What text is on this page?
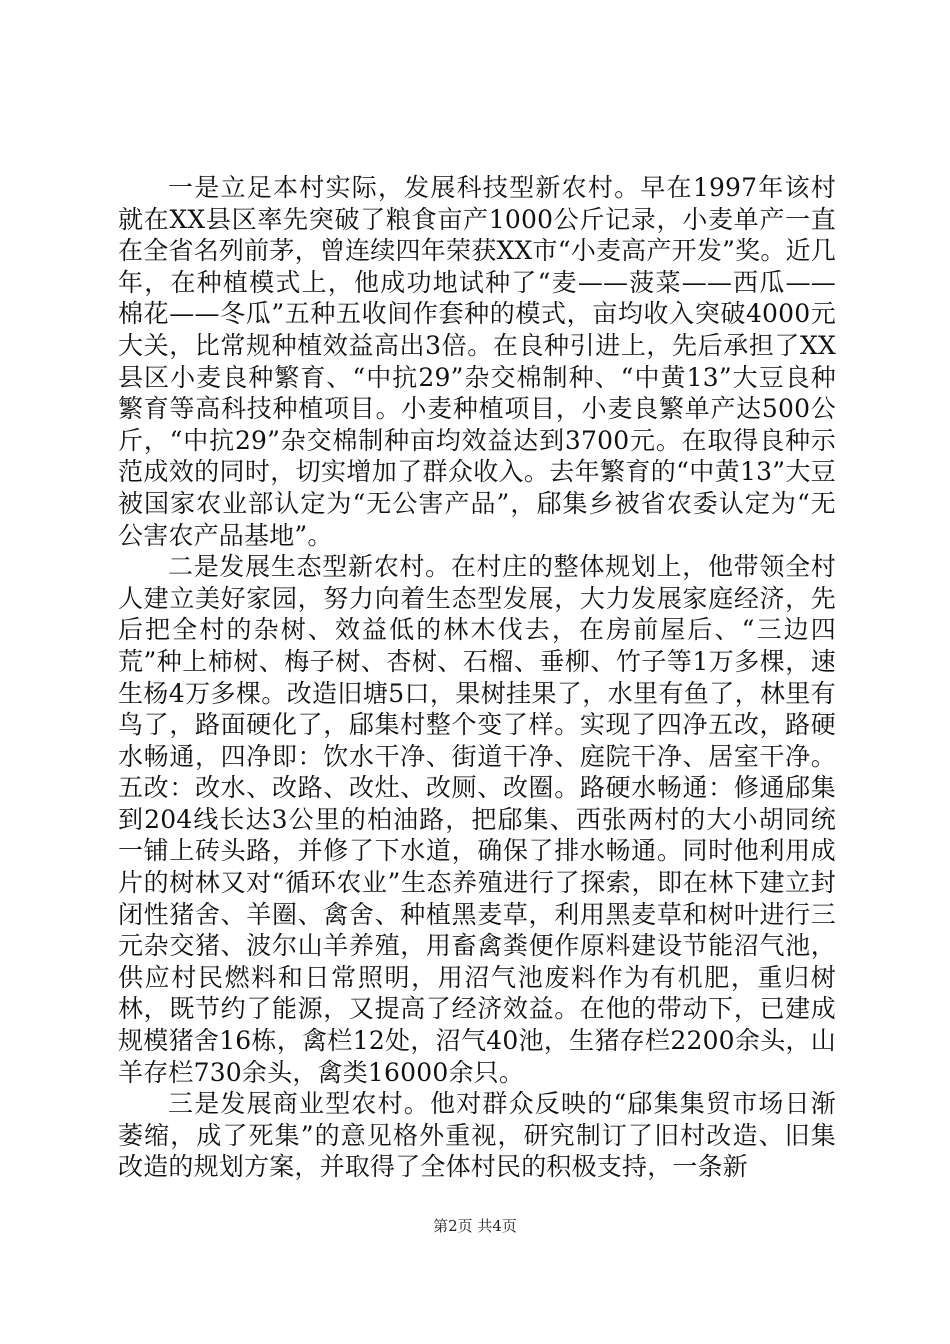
一是立足本村实际，发展科技型新农村。早在1997年该村就在XX县区率先突破了粮食亩产1000公斤记录，小麦单产一直在全省名列前茅，曾连续四年荣获XX市“小麦高产开发”奖。近几年，在种植模式上，他成功地试种了“麦——菠菜——西瓜——棉花——冬瓜”五种五收间作套种的模式，亩均收入突破4000元大关，比常规种植效益高出3倍。在良种引进上，先后承担了XX县区小麦良种繁育、“中抗29”杂交棉制种、“中黄13”大豆良种繁育等高科技种植项目。小麦种植项目，小麦良繁单产达500公斤，“中抗29”杂交棉制种亩均效益达到3700元。在取得良种示范成效的同时，切实增加了群众收入。去年繁育的“中黄13”大豆被国家农业部认定为“无公害产品”，郈集乡被省农委认定为“无公害农产品基地”。

二是发展生态型新农村。在村庄的整体规划上，他带领全村人建立美好家园，努力向着生态型发展，大力发展家庭经济，先后把全村的杂树、效益低的林木伐去，在房前屋后、“三边四荒”种上柿树、梅子树、杏树、石榴、垂柳、竹子等1万多棵，速生杨4万多棵。改造旧塘5口，果树挂果了，水里有鱼了，林里有鸟了，路面硬化了，郈集村整个变了样。实现了四净五改，路硬水畅通，四净即：饮水干净、街道干净、庭院干净、居室干净。五改：改水、改路、改灶、改厕、改圈。路硬水畅通：修通郈集到204线长达3公里的柏油路，把郈集、西张两村的大小胡同统一铺上砖头路，并修了下水道，确保了排水畅通。同时他利用成片的树林又对“循环农业”生态养殖进行了探索，即在林下建立封闭性猪舍、羊圈、禽舍、种植黑麦草，利用黑麦草和树叶进行三元杂交猪、波尔山羊养殖，用畜禽粪便作原料建设节能沼气池，供应村民燃料和日常照明，用沼气池废料作为有机肥，重归树林，既节约了能源，又提高了经济效益。在他的带动下，已建成规模猪舍16栋，禽栏12处，沼气40池，生猪存栏2200余头，山羊存栏730余头，禽类16000余只。

三是发展商业型农村。他对群众反映的“郈集集贸市场日渐萎缩，成了死集”的意见格外重视，研究制订了旧村改造、旧集改造的规划方案，并取得了全体村民的积极支持，一条新

第2页 共4页
